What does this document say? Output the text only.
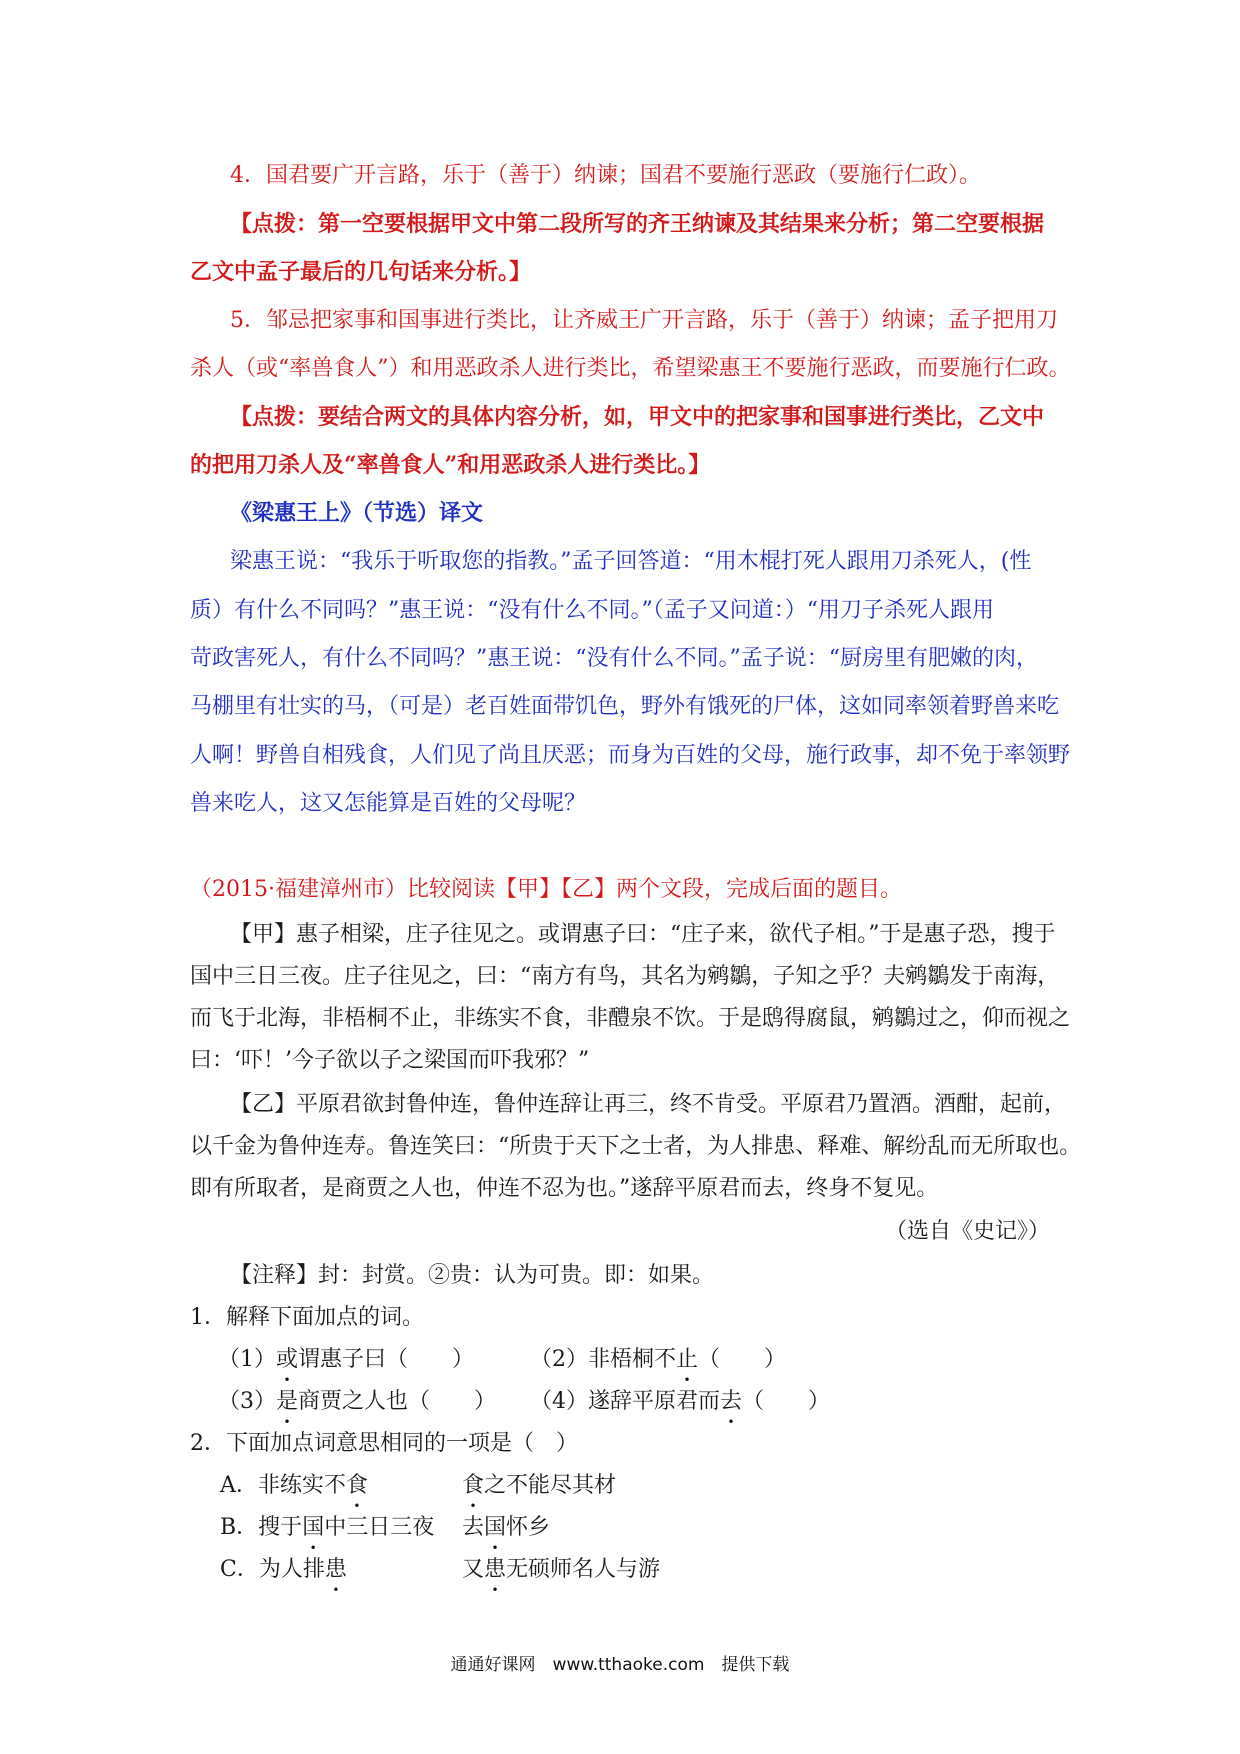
4．国君要广开言路，乐于（善于）纳谏；国君不要施行恶政（要施行仁政）。
【点拨：第一空要根据甲文中第二段所写的齐王纳谏及其结果来分析；第二空要根据
乙文中孟子最后的几句话来分析。】
5．邹忌把家事和国事进行类比，让齐威王广开言路，乐于（善于）纳谏；孟子把用刀
杀人（或“率兽食人”）和用恶政杀人进行类比，希望梁惠王不要施行恶政，而要施行仁政。
【点拨：要结合两文的具体内容分析，如，甲文中的把家事和国事进行类比，乙文中
的把用刀杀人及“率兽食人”和用恶政杀人进行类比。】
《梁惠王上》（节选）译文
梁惠王说：“我乐于听取您的指教。”孟子回答道：“用木棍打死人跟用刀杀死人，(性
质）有什么不同吗？”惠王说：“没有什么不同。”（孟子又问道：）“用刀子杀死人跟用
苛政害死人，有什么不同吗？”惠王说：“没有什么不同。”孟子说：“厨房里有肥嫩的肉，
马棚里有壮实的马，（可是）老百姓面带饥色，野外有饿死的尸体，这如同率领着野兽来吃
人啊！野兽自相残食，人们见了尚且厌恶；而身为百姓的父母，施行政事，却不免于率领野
兽来吃人，这又怎能算是百姓的父母呢？
（2015·福建漳州市）比较阅读【甲】【乙】两个文段，完成后面的题目。
【甲】惠子相梁，庄子往见之。或谓惠子曰：“庄子来，欲代子相。”于是惠子恐，搜于
国中三日三夜。庄子往见之，曰：“南方有鸟，其名为鹓鶵，子知之乎？夫鹓鶵发于南海，
而飞于北海，非梧桐不止，非练实不食，非醴泉不饮。于是鸱得腐鼠，鹓鶵过之，仰而视之
曰：‘吓！’今子欲以子之梁国而吓我邪？”
【乙】平原君欲封鲁仲连，鲁仲连辞让再三，终不肯受。平原君乃置酒。酒酣，起前，
以千金为鲁仲连寿。鲁连笑曰：“所贵于天下之士者，为人排患、释难、解纷乱而无所取也。
即有所取者，是商贾之人也，仲连不忍为也。”遂辞平原君而去，终身不复见。
（选自《史记》）
【注释】封：封赏。②贵：认为可贵。即：如果。
1．解释下面加点的词。
（1）或谓惠子曰（　　）	（2）非梧桐不止（　　）
（3）是商贾之人也（　　）	（4）遂辞平原君而去（　　）
2．下面加点词意思相同的一项是（　）
A．非练实不食	食之不能尽其材
B．搜于国中三日三夜	去国怀乡
C．为人排患	又患无硕师名人与游
通通好课网　www.tthaoke.com　提供下载
